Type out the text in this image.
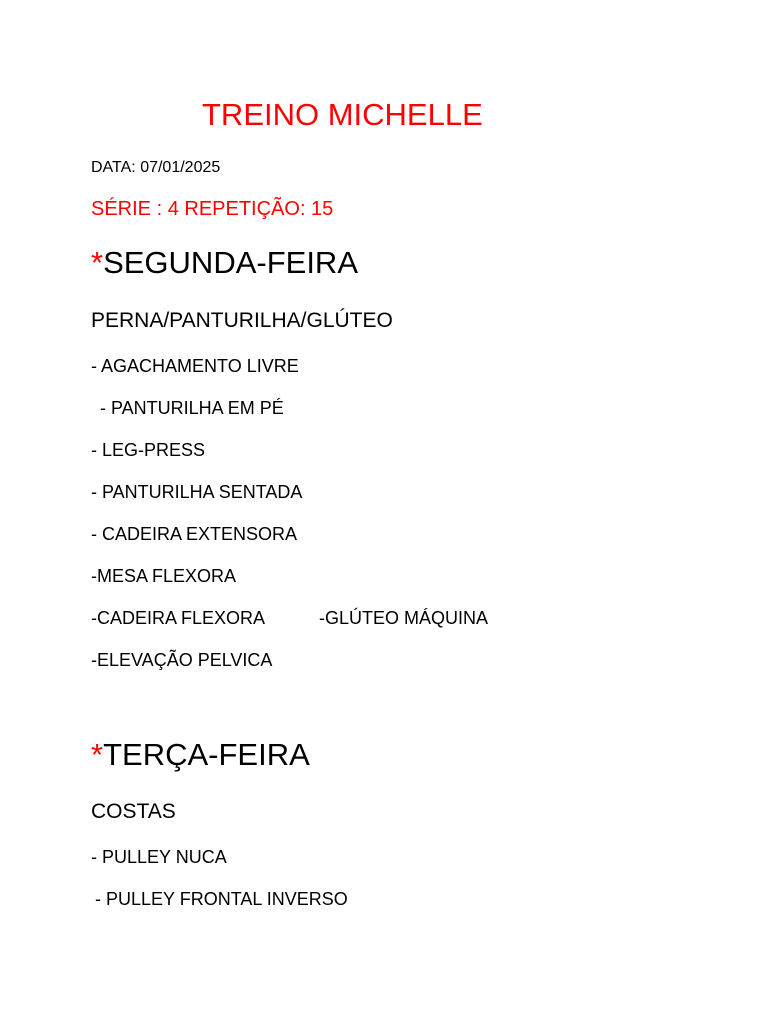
TREINO MICHELLE
DATA: 07/01/2025
SÉRIE : 4 REPETIÇÃO: 15
*SEGUNDA-FEIRA
PERNA/PANTURILHA/GLÚTEO
- AGACHAMENTO LIVRE
- PANTURILHA EM PÉ
- LEG-PRESS
- PANTURILHA SENTADA
- CADEIRA EXTENSORA
-MESA FLEXORA
-CADEIRA FLEXORA	-GLÚTEO MÁQUINA
-ELEVAÇÃO PELVICA
*TERÇA-FEIRA
COSTAS
- PULLEY NUCA
- PULLEY FRONTAL INVERSO
